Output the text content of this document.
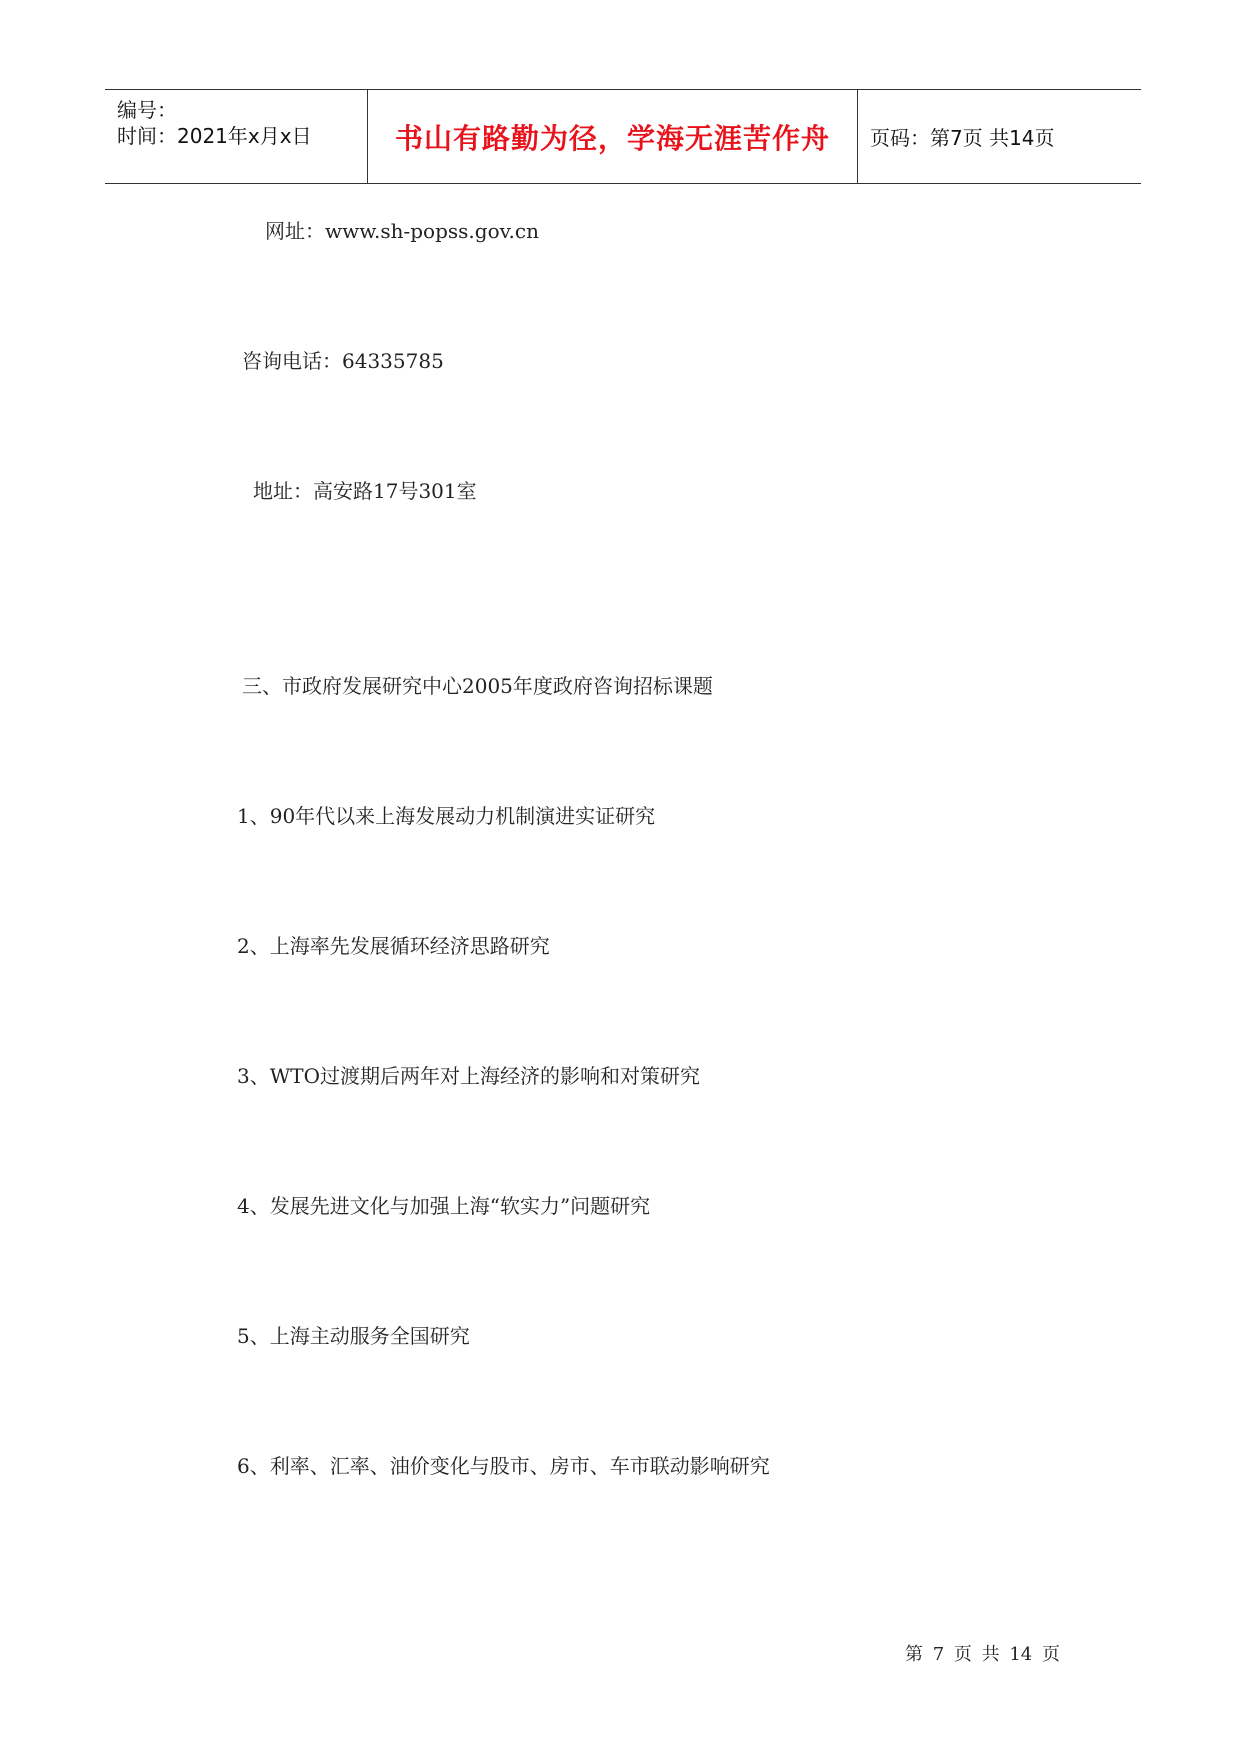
编号：
时间：2021年x月x日	书山有路勤为径，学海无涯苦作舟 页码：第7页 共14页
网址：www.sh-popss.gov.cn
咨询电话：64335785
地址：高安路17号301室
三、市政府发展研究中心2005年度政府咨询招标课题
1、90年代以来上海发展动力机制演进实证研究
2、上海率先发展循环经济思路研究
3、WTO过渡期后两年对上海经济的影响和对策研究
4、发展先进文化与加强上海“软实力”问题研究
5、上海主动服务全国研究
6、利率、汇率、油价变化与股市、房市、车市联动影响研究
第 7 页 共 14 页
